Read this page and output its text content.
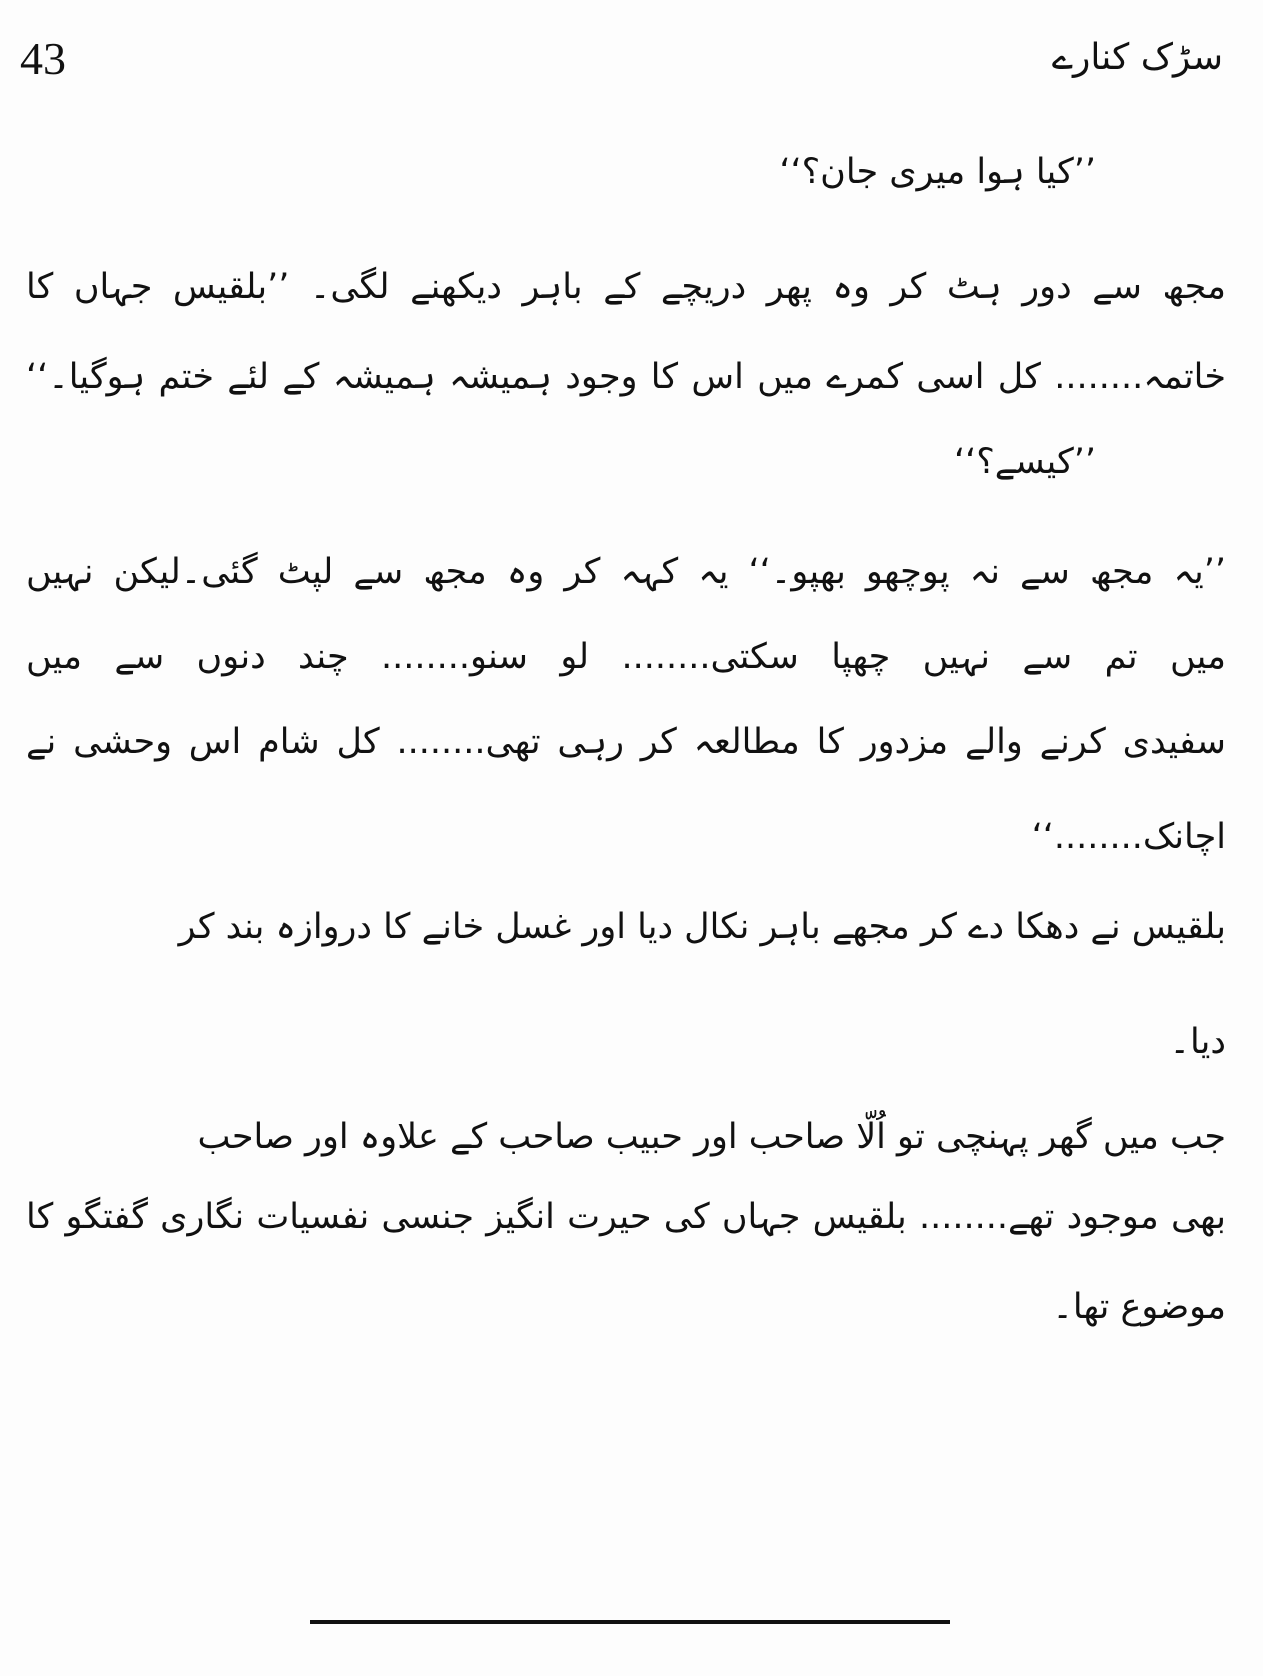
43	سڑک کنارے
’’کیا ہوا میری جان؟‘‘
مجھ سے دور ہٹ کر وہ پھر دریچے کے باہر دیکھنے لگی۔ ’’بلقیس جہاں کا
خاتمہ........ کل اسی کمرے میں اس کا وجود ہمیشہ ہمیشہ کے لئے ختم ہوگیا۔‘‘
’’کیسے؟‘‘
’’یہ مجھ سے نہ پوچھو بھپو۔‘‘ یہ کہہ کر وہ مجھ سے لپٹ گئی۔لیکن نہیں
میں تم سے نہیں چھپا سکتی........ لو سنو........ چند دنوں سے میں
سفیدی کرنے والے مزدور کا مطالعہ کر رہی تھی........ کل شام اس وحشی نے
اچانک........‘‘
بلقیس نے دھکا دے کر مجھے باہر نکال دیا اور غسل خانے کا دروازہ بند کر
دیا۔
جب میں گھر پہنچی تو اُلّا صاحب اور حبیب صاحب کے علاوہ اور صاحب
بھی موجود تھے........ بلقیس جہاں کی حیرت انگیز جنسی نفسیات نگاری گفتگو کا
موضوع تھا۔
